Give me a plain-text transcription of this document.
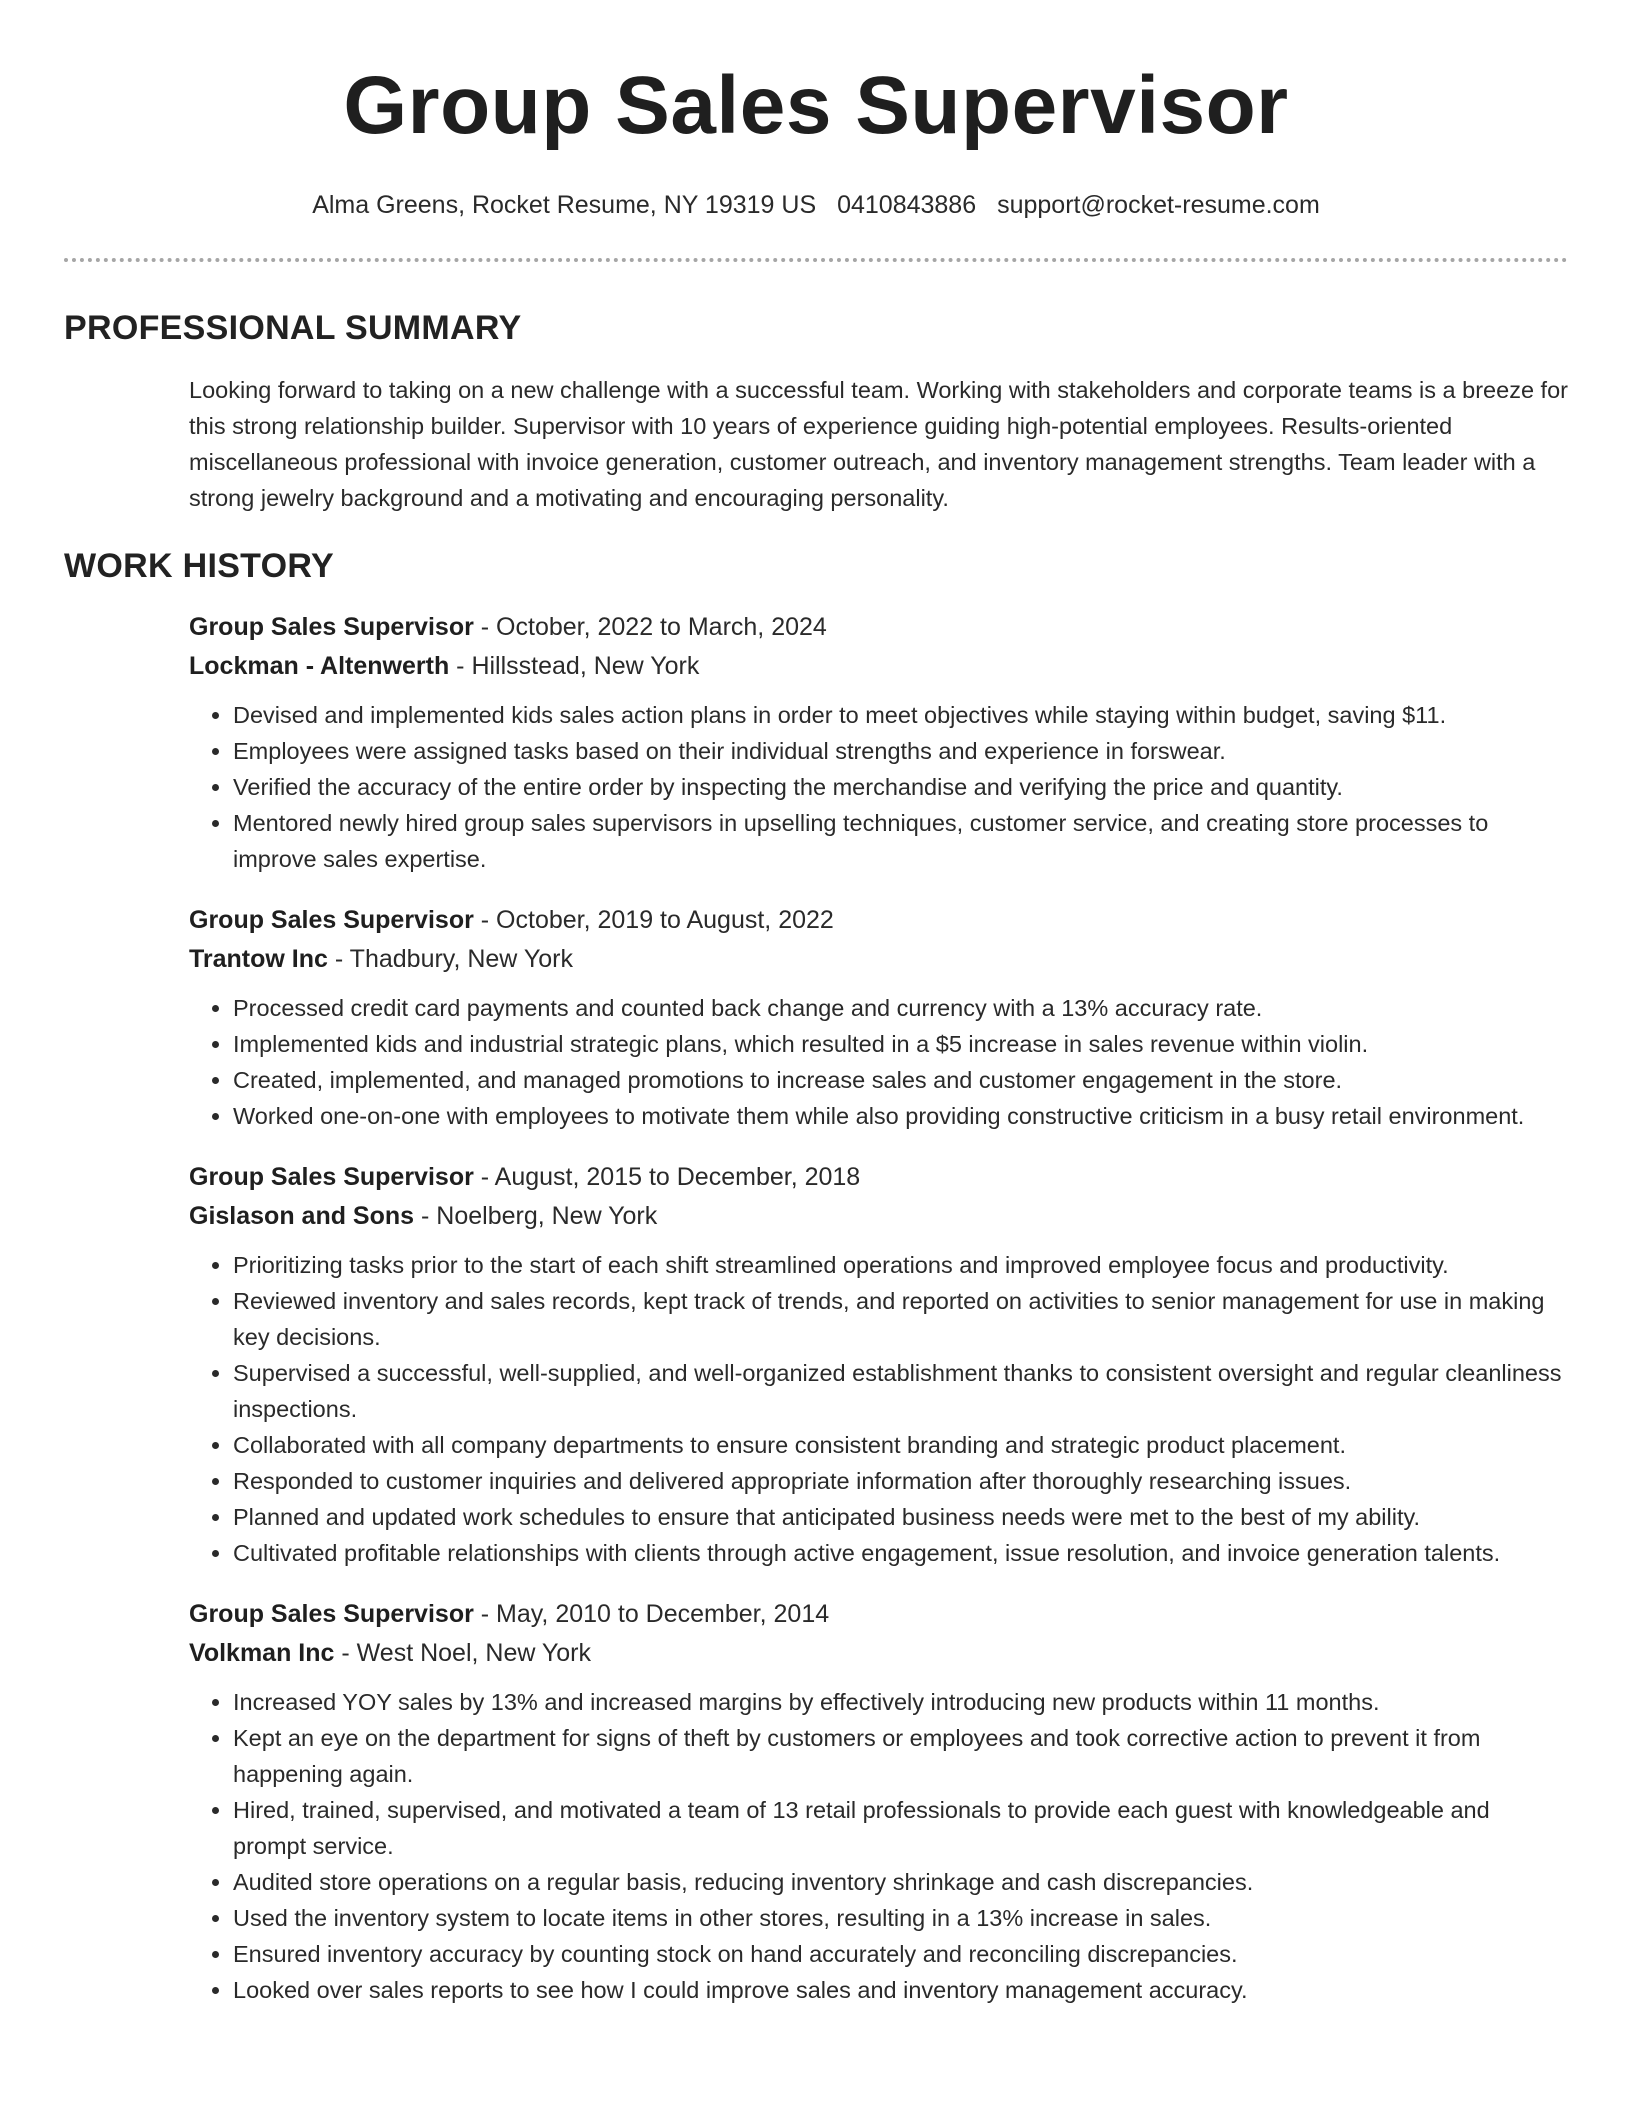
Group Sales Supervisor
Alma Greens, Rocket Resume, NY 19319 US 0410843886 support@rocket-resume.com
PROFESSIONAL SUMMARY

Looking forward to taking on a new challenge with a successful team. Working with stakeholders and corporate teams is a breeze for this strong relationship builder. Supervisor with 10 years of experience guiding high-potential employees. Results-oriented miscellaneous professional with invoice generation, customer outreach, and inventory management strengths. Team leader with a strong jewelry background and a motivating and encouraging personality.

WORK HISTORY
Group Sales Supervisor - October, 2022 to March, 2024
Lockman - Altenwerth - Hillsstead, New York
• Devised and implemented kids sales action plans in order to meet objectives while staying within budget, saving $11.
• Employees were assigned tasks based on their individual strengths and experience in forswear.
• Verified the accuracy of the entire order by inspecting the merchandise and verifying the price and quantity.
• Mentored newly hired group sales supervisors in upselling techniques, customer service, and creating store processes to improve sales expertise.
Group Sales Supervisor - October, 2019 to August, 2022
Trantow Inc - Thadbury, New York
• Processed credit card payments and counted back change and currency with a 13% accuracy rate.
• Implemented kids and industrial strategic plans, which resulted in a $5 increase in sales revenue within violin.
• Created, implemented, and managed promotions to increase sales and customer engagement in the store.
• Worked one-on-one with employees to motivate them while also providing constructive criticism in a busy retail environment.
Group Sales Supervisor - August, 2015 to December, 2018
Gislason and Sons - Noelberg, New York
• Prioritizing tasks prior to the start of each shift streamlined operations and improved employee focus and productivity.
• Reviewed inventory and sales records, kept track of trends, and reported on activities to senior management for use in making key decisions.
• Supervised a successful, well-supplied, and well-organized establishment thanks to consistent oversight and regular cleanliness inspections.
• Collaborated with all company departments to ensure consistent branding and strategic product placement.
• Responded to customer inquiries and delivered appropriate information after thoroughly researching issues.
• Planned and updated work schedules to ensure that anticipated business needs were met to the best of my ability.
• Cultivated profitable relationships with clients through active engagement, issue resolution, and invoice generation talents.
Group Sales Supervisor - May, 2010 to December, 2014
Volkman Inc - West Noel, New York
• Increased YOY sales by 13% and increased margins by effectively introducing new products within 11 months.
• Kept an eye on the department for signs of theft by customers or employees and took corrective action to prevent it from happening again.
• Hired, trained, supervised, and motivated a team of 13 retail professionals to provide each guest with knowledgeable and prompt service.
• Audited store operations on a regular basis, reducing inventory shrinkage and cash discrepancies.
• Used the inventory system to locate items in other stores, resulting in a 13% increase in sales.
• Ensured inventory accuracy by counting stock on hand accurately and reconciling discrepancies.
• Looked over sales reports to see how I could improve sales and inventory management accuracy.
